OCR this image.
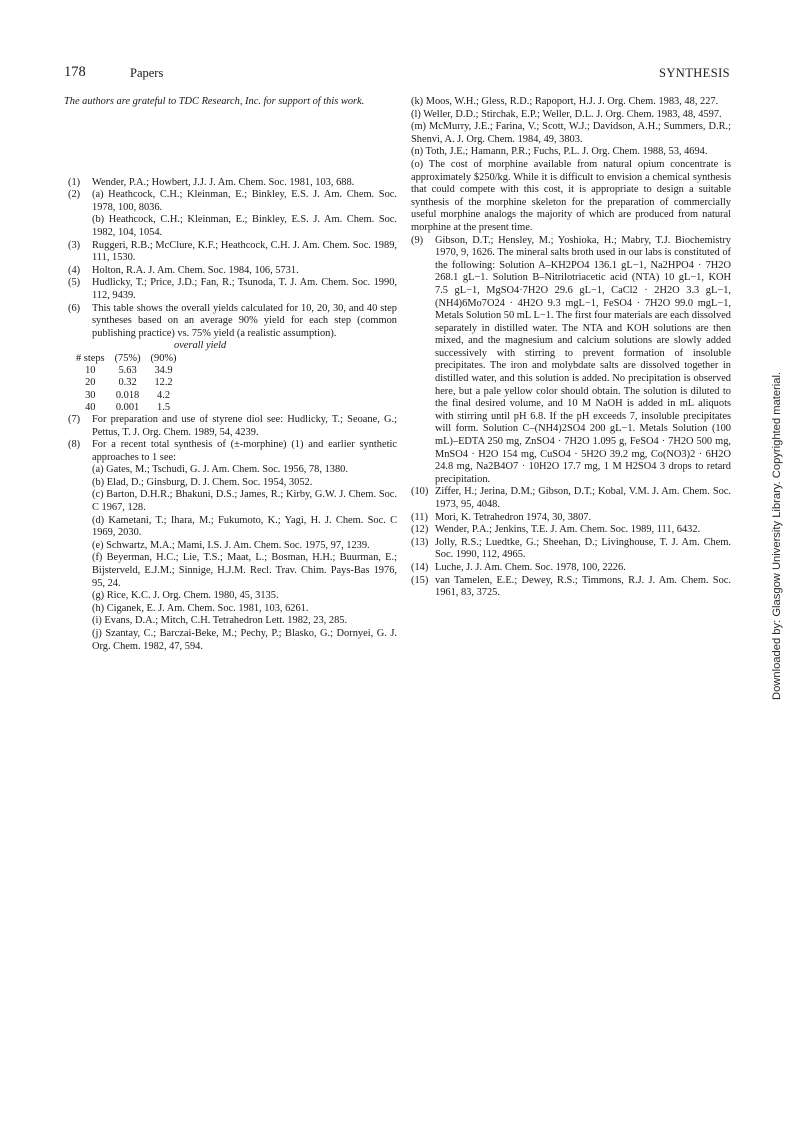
178	Papers	SYNTHESIS

The authors are grateful to TDC Research, Inc. for support of this work.

(1) Wender, P.A.; Howbert, J.J. J. Am. Chem. Soc. 1981, 103, 688.
(2) (a) Heathcock, C.H.; Kleinman, E.; Binkley, E.S. J. Am. Chem. Soc. 1978, 100, 8036.
(b) Heathcock, C.H.; Kleinman, E.; Binkley, E.S. J. Am. Chem. Soc. 1982, 104, 1054.
(3) Ruggeri, R.B.; McClure, K.F.; Heathcock, C.H. J. Am. Chem. Soc. 1989, 111, 1530.
(4) Holton, R.A. J. Am. Chem. Soc. 1984, 106, 5731.
(5) Hudlicky, T.; Price, J.D.; Fan, R.; Tsunoda, T. J. Am. Chem. Soc. 1990, 112, 9439.
(6) This table shows the overall yields calculated for 10, 20, 30, and 40 step syntheses based on an average 90% yield for each step (common publishing practice) vs. 75% yield (a realistic assumption).
overall yield
# steps	(75%)	(90%)
10	5.63	34.9
20	0.32	12.2
30	0.018	4.2
40	0.001	1.5
(7) For preparation and use of styrene diol see: Hudlicky, T.; Seoane, G.; Pettus, T. J. Org. Chem. 1989, 54, 4239.
(8) For a recent total synthesis of (±-morphine) (1) and earlier synthetic approaches to 1 see:
(a) Gates, M.; Tschudi, G. J. Am. Chem. Soc. 1956, 78, 1380.
(b) Elad, D.; Ginsburg, D. J. Chem. Soc. 1954, 3052.
(c) Barton, D.H.R.; Bhakuni, D.S.; James, R.; Kirby, G.W. J. Chem. Soc. C 1967, 128.
(d) Kametani, T.; Ihara, M.; Fukumoto, K.; Yagi, H. J. Chem. Soc. C 1969, 2030.
(e) Schwartz, M.A.; Mami, I.S. J. Am. Chem. Soc. 1975, 97, 1239.
(f) Beyerman, H.C.; Lie, T.S.; Maat, L.; Bosman, H.H.; Buurman, E.; Bijsterveld, E.J.M.; Sinnige, H.J.M. Recl. Trav. Chim. Pays-Bas 1976, 95, 24.
(g) Rice, K.C. J. Org. Chem. 1980, 45, 3135.
(h) Ciganek, E. J. Am. Chem. Soc. 1981, 103, 6261.
(i) Evans, D.A.; Mitch, C.H. Tetrahedron Lett. 1982, 23, 285.
(j) Szantay, C.; Barczai-Beke, M.; Pechy, P.; Blasko, G.; Dornyei, G. J. Org. Chem. 1982, 47, 594.
(k) Moos, W.H.; Gless, R.D.; Rapoport, H.J. J. Org. Chem. 1983, 48, 227.
(l) Weller, D.D.; Stirchak, E.P.; Weller, D.L. J. Org. Chem. 1983, 48, 4597.
(m) McMurry, J.E.; Farina, V.; Scott, W.J.; Davidson, A.H.; Summers, D.R.; Shenvi, A. J. Org. Chem. 1984, 49, 3803.
(n) Toth, J.E.; Hamann, P.R.; Fuchs, P.L. J. Org. Chem. 1988, 53, 4694.
(o) The cost of morphine available from natural opium concentrate is approximately $250/kg. While it is difficult to envision a chemical synthesis that could compete with this cost, it is appropriate to design a suitable synthesis of the morphine skeleton for the preparation of commercially useful morphine analogs the majority of which are produced from natural morphine at the present time.
(9) Gibson, D.T.; Hensley, M.; Yoshioka, H.; Mabry, T.J. Biochemistry 1970, 9, 1626. The mineral salts broth used in our labs is constituted of the following: Solution A–KH2PO4 136.1 gL−1, Na2HPO4 · 7H2O 268.1 gL−1. Solution B–Nitrilotriacetic acid (NTA) 10 gL−1, KOH 7.5 gL−1, MgSO4·7H2O 29.6 gL−1, CaCl2 · 2H2O 3.3 gL−1, (NH4)6Mo7O24 · 4H2O 9.3 mgL−1, FeSO4 · 7H2O 99.0 mgL−1, Metals Solution 50 mL L−1. The first four materials are each dissolved separately in distilled water. The NTA and KOH solutions are then mixed, and the magnesium and calcium solutions are slowly added successively with stirring to prevent formation of insoluble precipitates. The iron and molybdate salts are dissolved together in distilled water, and this solution is added. No precipitation is observed here, but a pale yellow color should obtain. The solution is diluted to the final desired volume, and 10 M NaOH is added in mL aliquots with stirring until pH 6.8. If the pH exceeds 7, insoluble precipitates will form. Solution C–(NH4)2SO4 200 gL−1. Metals Solution (100 mL)–EDTA 250 mg, ZnSO4 · 7H2O 1.095 g, FeSO4 · 7H2O 500 mg, MnSO4 · H2O 154 mg, CuSO4 · 5H2O 39.2 mg, Co(NO3)2 · 6H2O 24.8 mg, Na2B4O7 · 10H2O 17.7 mg, 1 M H2SO4 3 drops to retard precipitation.
(10) Ziffer, H.; Jerina, D.M.; Gibson, D.T.; Kobal, V.M. J. Am. Chem. Soc. 1973, 95, 4048.
(11) Mori, K. Tetrahedron 1974, 30, 3807.
(12) Wender, P.A.; Jenkins, T.E. J. Am. Chem. Soc. 1989, 111, 6432.
(13) Jolly, R.S.; Luedtke, G.; Sheehan, D.; Livinghouse, T. J. Am. Chem. Soc. 1990, 112, 4965.
(14) Luche, J. J. Am. Chem. Soc. 1978, 100, 2226.
(15) van Tamelen, E.E.; Dewey, R.S.; Timmons, R.J. J. Am. Chem. Soc. 1961, 83, 3725.	Downloaded by: Glasgow University Library. Copyrighted material.
